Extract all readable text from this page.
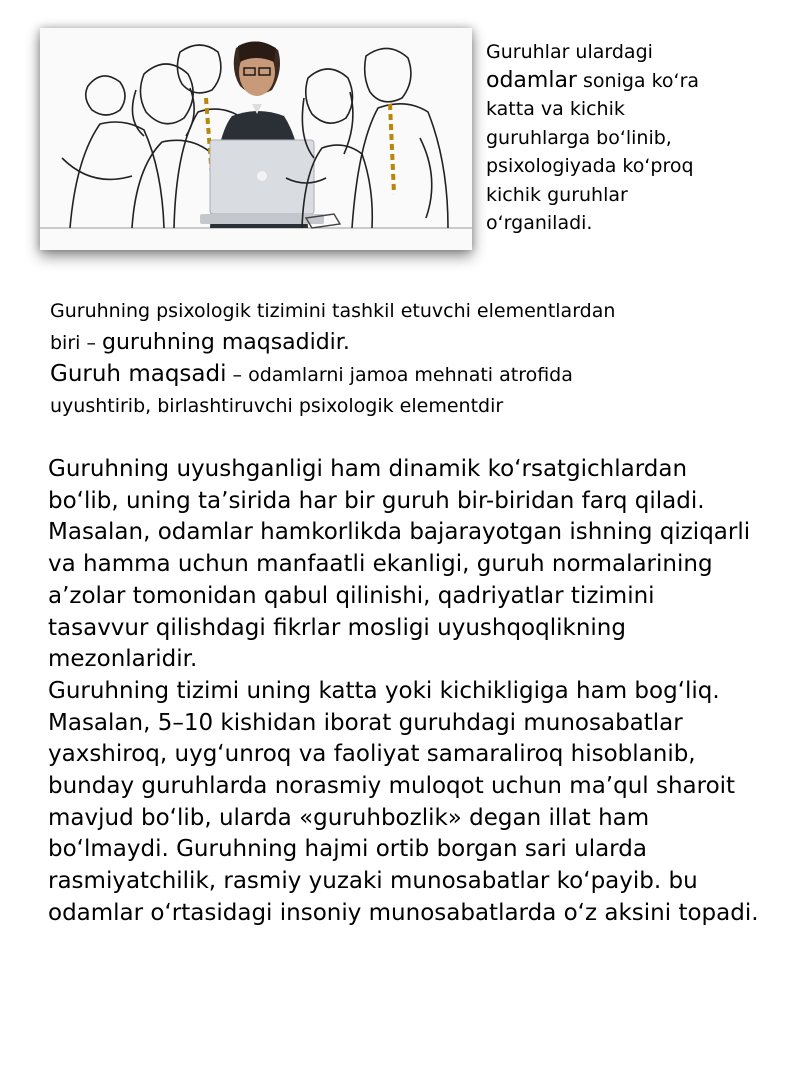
Guruhlar ulardagi
odamlar soniga koʻra
katta va kichik
guruhlarga boʻlinib,
psixologiyada koʻproq
kichik guruhlar
oʻrganiladi.
Guruhning psixologik tizimini tashkil etuvchi elementlardan
biri – guruhning maqsadidir.
Guruh maqsadi – odamlarni jamoa mehnati atrofida
uyushtirib, birlashtiruvchi psixologik elementdir

Guruhning uyushganligi ham dinamik koʻrsatgichlardan boʻlib, uning taʼsirida har bir guruh bir-biridan farq qiladi. Masalan, odamlar hamkorlikda bajarayotgan ishning qiziqarli va hamma uchun manfaatli ekanligi, guruh normalarining aʼzolar tomonidan qabul qilinishi, qadriyatlar tizimini tasavvur qilishdagi fikrlar mosligi uyushqoqlikning mezonlaridir.

Guruhning tizimi uning katta yoki kichikligiga ham bogʻliq. Masalan, 5–10 kishidan iborat guruhdagi munosabatlar yaxshiroq, uygʻunroq va faoliyat samaraliroq hisoblanib, bunday guruhlarda norasmiy muloqot uchun maʼqul sharoit mavjud boʻlib, ularda «guruhbozlik» degan illat ham boʻlmaydi. Guruhning hajmi ortib borgan sari ularda rasmiyatchilik, rasmiy yuzaki munosabatlar koʻpayib. bu odamlar oʻrtasidagi insoniy munosabatlarda oʻz aksini topadi.
